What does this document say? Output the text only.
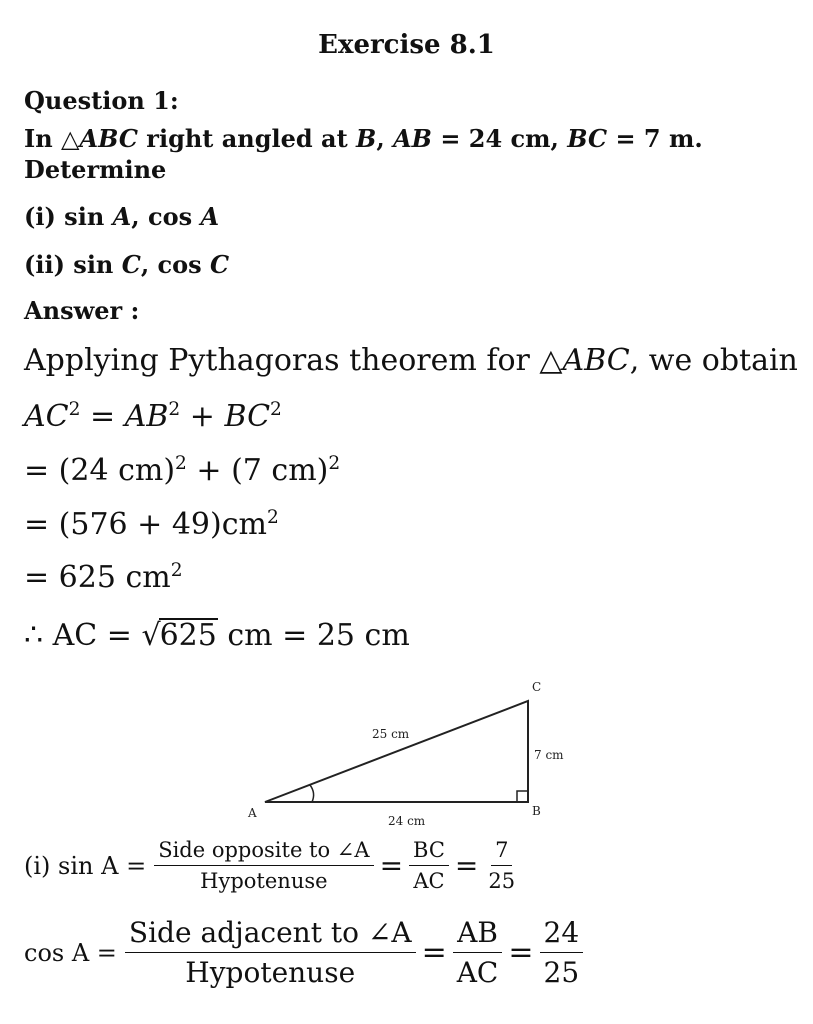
Exercise 8.1
Question 1:
In △ABC right angled at B, AB = 24 cm, BC = 7 m.
Determine
(i) sin A, cos A
(ii) sin C, cos C
Answer :
Applying Pythagoras theorem for △ABC, we obtain
$AC^2 = AB^2 + BC^2$
= (24 cm)$^2$ + (7 cm)$^2$
= $(576 + 49)cm^2$
= 625 $cm^2$
∴ AC = √625 cm = 25 cm
A	B
C
25 cm
24 cm
7 cm
(i) $\sin A = \frac{\text{Side opposite to ∠A}}{\text{Hypotenuse}} = \frac{BC}{AC} = \frac{7}{25}$
$\cos A = \frac{\text{Side adjacent to ∠A}}{\text{Hypotenuse}} = \frac{AB}{AC} = \frac{24}{25}$
